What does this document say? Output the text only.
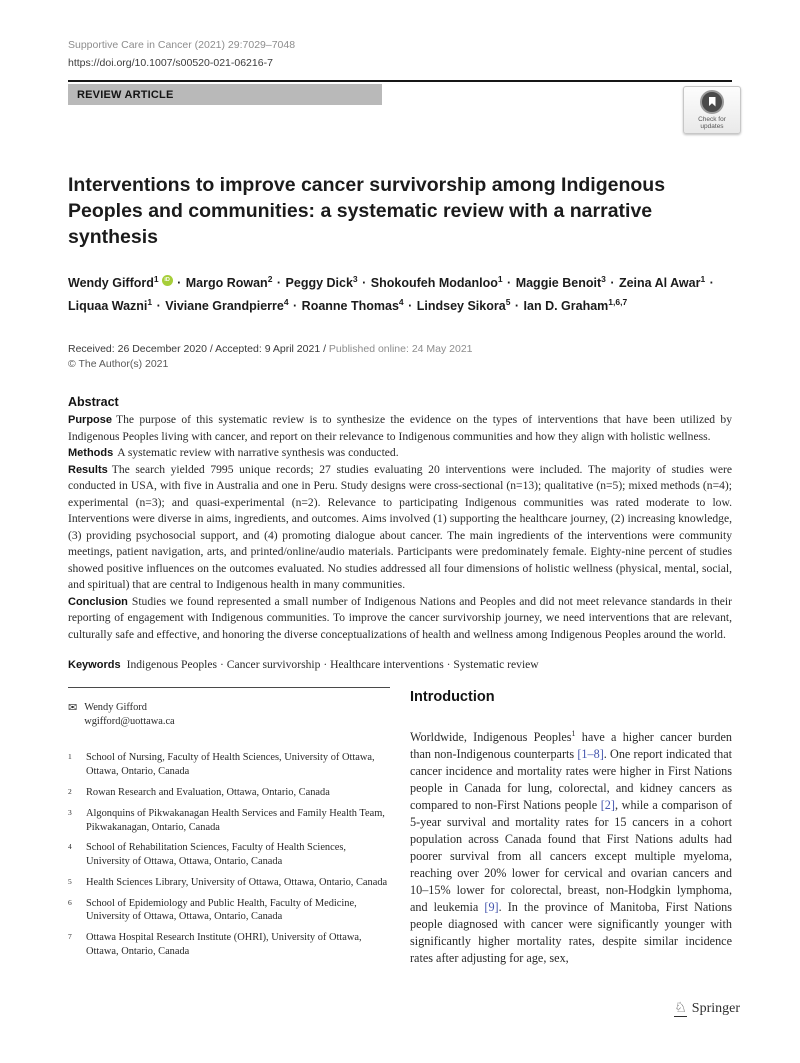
Supportive Care in Cancer (2021) 29:7029–7048
https://doi.org/10.1007/s00520-021-06216-7
REVIEW ARTICLE
Check for updates
Interventions to improve cancer survivorship among Indigenous Peoples and communities: a systematic review with a narrative synthesis
Wendy Gifford$^1$ iD · Margo Rowan$^2$ · Peggy Dick$^3$ · Shokoufeh Modanloo$^1$ · Maggie Benoit$^3$ · Zeina Al Awar$^1$ · Liquaa Wazni$^1$ · Viviane Grandpierre$^4$ · Roanne Thomas$^4$ · Lindsey Sikora$^5$ · Ian D. Graham$^{1,6,7}$
Received: 26 December 2020 / Accepted: 9 April 2021 / Published online: 24 May 2021
© The Author(s) 2021
Abstract
Purpose The purpose of this systematic review is to synthesize the evidence on the types of interventions that have been utilized by Indigenous Peoples living with cancer, and report on their relevance to Indigenous communities and how they align with holistic wellness.
Methods A systematic review with narrative synthesis was conducted.
Results The search yielded 7995 unique records; 27 studies evaluating 20 interventions were included. The majority of studies were conducted in USA, with five in Australia and one in Peru. Study designs were cross-sectional (n=13); qualitative (n=5); mixed methods (n=4); experimental (n=3); and quasi-experimental (n=2). Relevance to participating Indigenous communities was rated moderate to low. Interventions were diverse in aims, ingredients, and outcomes. Aims involved (1) supporting the healthcare journey, (2) increasing knowledge, (3) providing psychosocial support, and (4) promoting dialogue about cancer. The main ingredients of the interventions were community meetings, patient navigation, arts, and printed/online/audio materials. Participants were predominately female. Eighty-nine percent of studies showed positive influences on the outcomes evaluated. No studies addressed all four dimensions of holistic wellness (physical, mental, social, and spiritual) that are central to Indigenous health in many communities.
Conclusion Studies we found represented a small number of Indigenous Nations and Peoples and did not meet relevance standards in their reporting of engagement with Indigenous communities. To improve the cancer survivorship journey, we need interventions that are relevant, culturally safe and effective, and honoring the diverse conceptualizations of health and wellness among Indigenous Peoples around the world.
Keywords Indigenous Peoples · Cancer survivorship · Healthcare interventions · Systematic review
✉ Wendy Gifford
wgifford@uottawa.ca
1	School of Nursing, Faculty of Health Sciences, University of Ottawa, Ottawa, Ontario, Canada
2	Rowan Research and Evaluation, Ottawa, Ontario, Canada
3	Algonquins of Pikwakanagan Health Services and Family Health Team, Pikwakanagan, Ontario, Canada
4	School of Rehabilitation Sciences, Faculty of Health Sciences, University of Ottawa, Ottawa, Ontario, Canada
5	Health Sciences Library, University of Ottawa, Ottawa, Ontario, Canada
6	School of Epidemiology and Public Health, Faculty of Medicine, University of Ottawa, Ottawa, Ontario, Canada
7	Ottawa Hospital Research Institute (OHRI), University of Ottawa, Ottawa, Ontario, Canada
Introduction
Worldwide, Indigenous Peoples$^1$ have a higher cancer burden than non-Indigenous counterparts [1–8]. One report indicated that cancer incidence and mortality rates were higher in First Nations people in Canada for lung, colorectal, and kidney cancers as compared to non-First Nations people [2], while a comparison of 5-year survival and mortality rates for 15 cancers in a cohort population across Canada found that First Nations adults had poorer survival from all cancers except multiple myeloma, reaching over 20% lower for cervical and ovarian cancers and 10–15% lower for colorectal, breast, non-Hodgkin lymphoma, and leukemia [9]. In the province of Manitoba, First Nations people diagnosed with cancer were significantly younger with significantly higher mortality rates, despite similar incidence rates after adjusting for age, sex,
♘ Springer
